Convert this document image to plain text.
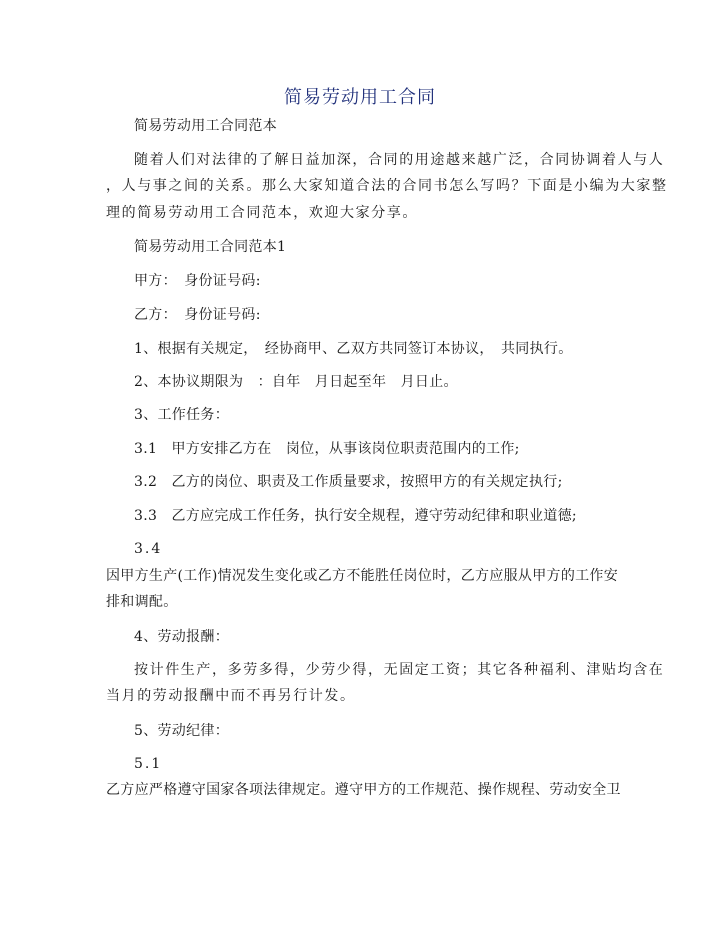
简易劳动用工合同
简易劳动用工合同范本
随着人们对法律的了解日益加深，合同的用途越来越广泛，合同协调着人与人
，人与事之间的关系。那么大家知道合法的合同书怎么写吗？下面是小编为大家整
理的简易劳动用工合同范本，欢迎大家分享。
简易劳动用工合同范本1
甲方：　身份证号码:
乙方：　身份证号码:
1、根据有关规定，　经协商甲、乙双方共同签订本协议，　共同执行。
2、本协议期限为　：自年　月日起至年　月日止。
3、工作任务：
3.1　甲方安排乙方在　岗位，从事该岗位职责范围内的工作;
3.2　乙方的岗位、职责及工作质量要求，按照甲方的有关规定执行;
3.3　乙方应完成工作任务，执行安全规程，遵守劳动纪律和职业道德;
3.4
因甲方生产(工作)情况发生变化或乙方不能胜任岗位时，乙方应服从甲方的工作安
排和调配。
4、劳动报酬：
按计件生产，多劳多得，少劳少得，无固定工资；其它各种福利、津贴均含在
当月的劳动报酬中而不再另行计发。
5、劳动纪律：
5.1
乙方应严格遵守国家各项法律规定。遵守甲方的工作规范、操作规程、劳动安全卫
